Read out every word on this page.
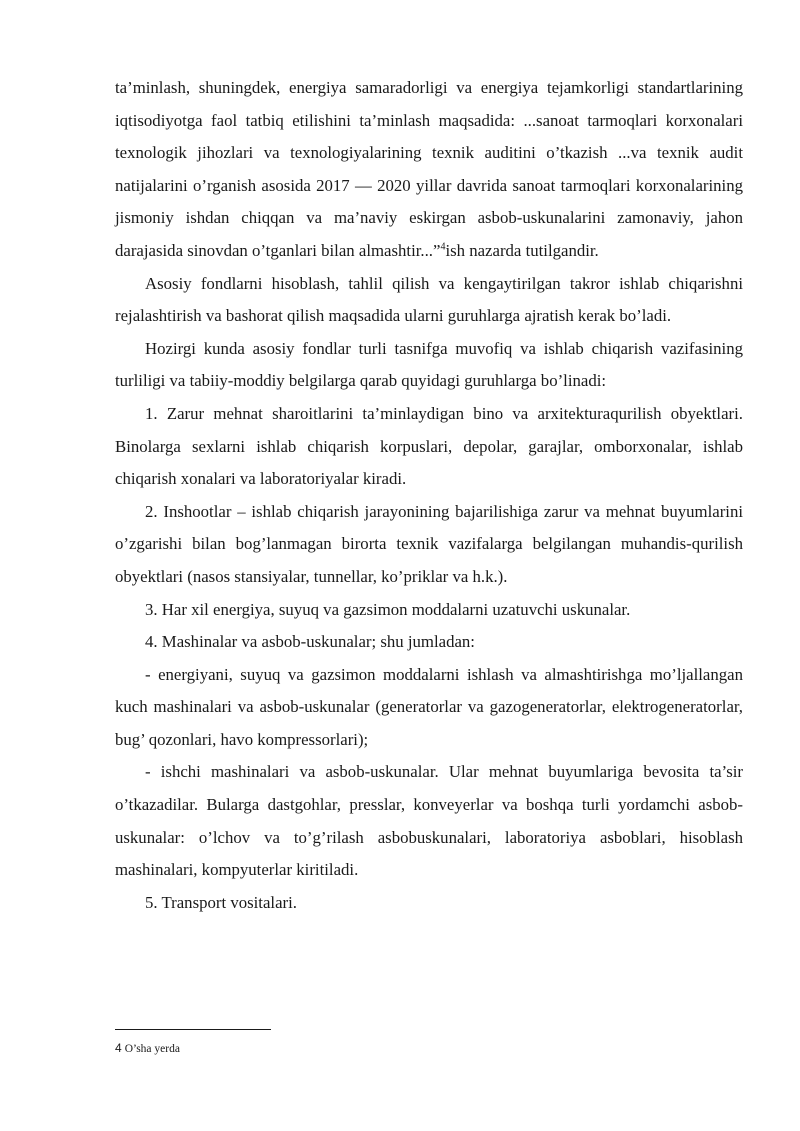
ta’minlash, shuningdek, energiya samaradorligi va energiya tejamkorligi standartlarining iqtisodiyotga faol tatbiq etilishini ta’minlash maqsadida: ...sanoat tarmoqlari korxonalari texnologik jihozlari va texnologiyalarining texnik auditini o’tkazish ...va texnik audit natijalarini o’rganish asosida 2017 — 2020 yillar davrida sanoat tarmoqlari korxonalarining jismoniy ishdan chiqqan va ma’naviy eskirgan asbob-uskunalarini zamonaviy, jahon darajasida sinovdan o’tganlari bilan almashtir...”$^4$ish nazarda tutilgandir.

Asosiy fondlarni hisoblash, tahlil qilish va kengaytirilgan takror ishlab chiqarishni rejalashtirish va bashorat qilish maqsadida ularni guruhlarga ajratish kerak bo’ladi.

Hozirgi kunda asosiy fondlar turli tasnifga muvofiq va ishlab chiqarish vazifasining turliligi va tabiiy-moddiy belgilarga qarab quyidagi guruhlarga bo’linadi:

1. Zarur mehnat sharoitlarini ta’minlaydigan bino va arxitekturaqurilish obyektlari. Binolarga sexlarni ishlab chiqarish korpuslari, depolar, garajlar, omborxonalar, ishlab chiqarish xonalari va laboratoriyalar kiradi.

2. Inshootlar – ishlab chiqarish jarayonining bajarilishiga zarur va mehnat buyumlarini o’zgarishi bilan bog’lanmagan birorta texnik vazifalarga belgilangan muhandis-qurilish obyektlari (nasos stansiyalar, tunnellar, ko’priklar va h.k.).

3. Har xil energiya, suyuq va gazsimon moddalarni uzatuvchi uskunalar.

4. Mashinalar va asbob-uskunalar; shu jumladan:

- energiyani, suyuq va gazsimon moddalarni ishlash va almashtirishga mo’ljallangan kuch mashinalari va asbob-uskunalar (generatorlar va gazogeneratorlar, elektrogeneratorlar, bug’ qozonlari, havo kompressorlari);

- ishchi mashinalari va asbob-uskunalar. Ular mehnat buyumlariga bevosita ta’sir o’tkazadilar. Bularga dastgohlar, presslar, konveyerlar va boshqa turli yordamchi asbob-uskunalar: o’lchov va to’g’rilash asbobuskunalari, laboratoriya asboblari, hisoblash mashinalari, kompyuterlar kiritiladi.

5. Transport vositalari.

4 O’sha yerda
